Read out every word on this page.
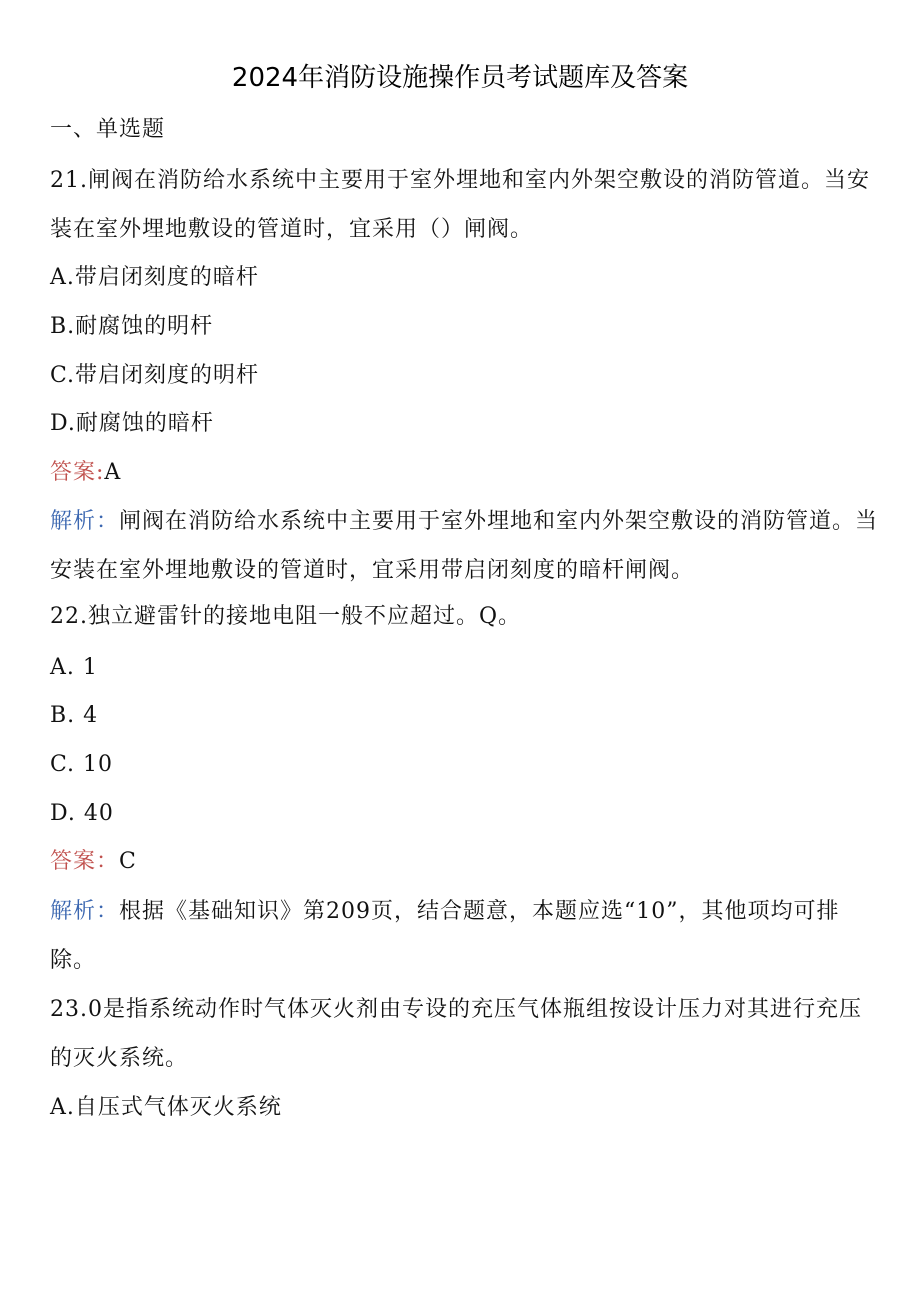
2024年消防设施操作员考试题库及答案
一、单选题
21.闸阀在消防给水系统中主要用于室外埋地和室内外架空敷设的消防管道。当安装在室外埋地敷设的管道时，宜采用（）闸阀。
A.带启闭刻度的暗杆
B.耐腐蚀的明杆
C.带启闭刻度的明杆
D.耐腐蚀的暗杆
答案:A
解析：闸阀在消防给水系统中主要用于室外埋地和室内外架空敷设的消防管道。当安装在室外埋地敷设的管道时，宜采用带启闭刻度的暗杆闸阀。
22.独立避雷针的接地电阻一般不应超过。Q。
A. 1
B. 4
C. 10
D. 40
答案：C
解析：根据《基础知识》第209页，结合题意，本题应选“10”，其他项均可排除。
23.0是指系统动作时气体灭火剂由专设的充压气体瓶组按设计压力对其进行充压的灭火系统。
A.自压式气体灭火系统
